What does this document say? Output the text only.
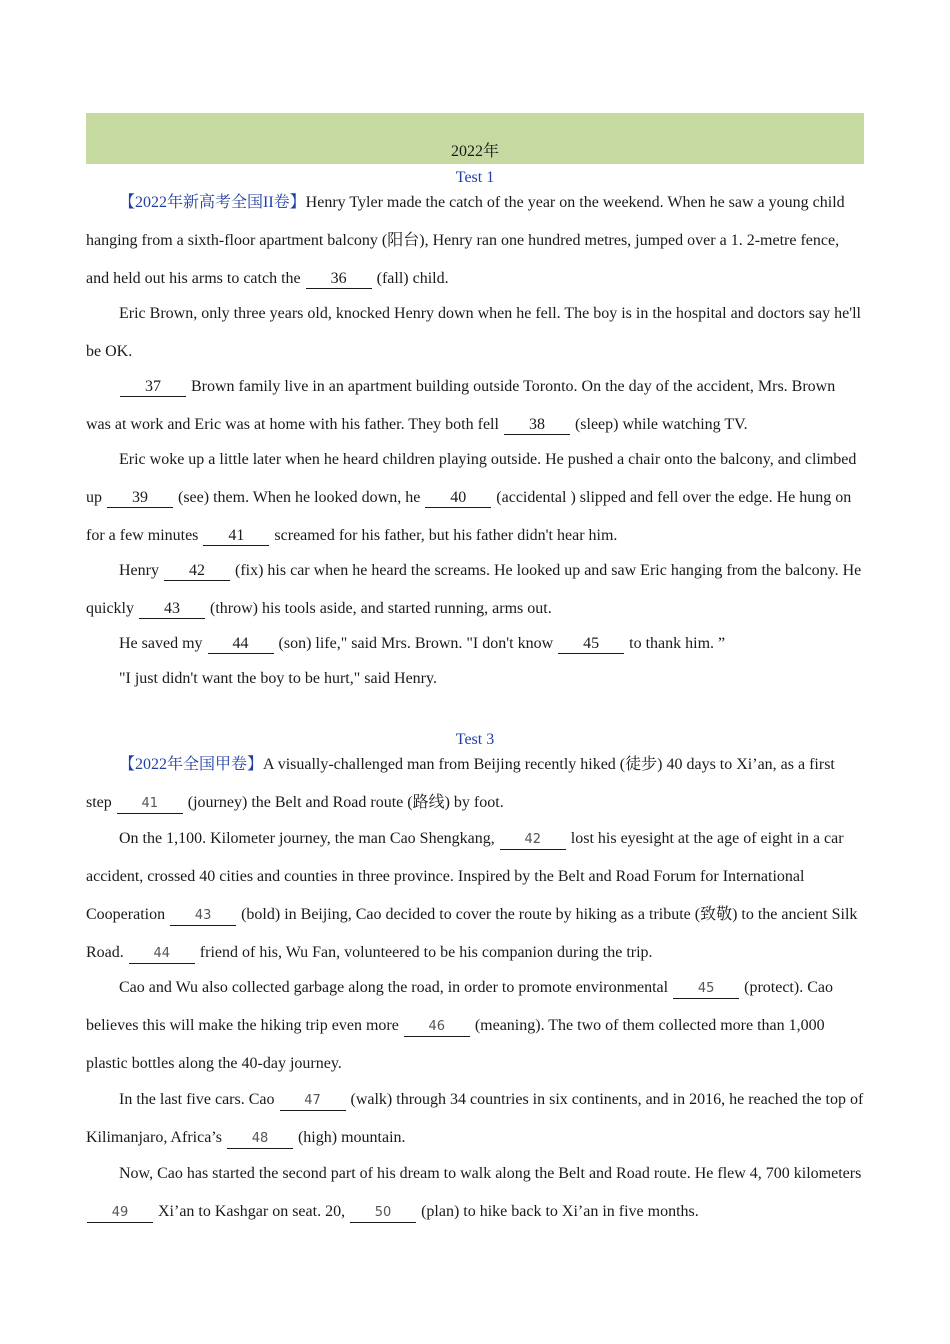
2022年
Test 1

【2022年新高考全国II卷】Henry Tyler made the catch of the year on the weekend. When he saw a young child hanging from a sixth-floor apartment balcony (阳台), Henry ran one hundred metres, jumped over a 1. 2-metre fence, and held out his arms to catch the 36 (fall) child.

Eric Brown, only three years old, knocked Henry down when he fell. The boy is in the hospital and doctors say he'll be OK.

37 Brown family live in an apartment building outside Toronto. On the day of the accident, Mrs. Brown was at work and Eric was at home with his father. They both fell 38 (sleep) while watching TV.

Eric woke up a little later when he heard children playing outside. He pushed a chair onto the balcony, and climbed up 39 (see) them. When he looked down, he 40 (accidental ) slipped and fell over the edge. He hung on for a few minutes 41 screamed for his father, but his father didn't hear him.

Henry 42 (fix) his car when he heard the screams. He looked up and saw Eric hanging from the balcony. He quickly 43 (throw) his tools aside, and started running, arms out.

He saved my 44 (son) life," said Mrs. Brown. "I don't know 45 to thank him. ”

"I just didn't want the boy to be hurt," said Henry.

Test 3

【2022年全国甲卷】A visually-challenged man from Beijing recently hiked (徒步) 40 days to Xi’an, as a first step 41 (journey) the Belt and Road route (路线) by foot.

On the 1,100. Kilometer journey, the man Cao Shengkang, 42 lost his eyesight at the age of eight in a car accident, crossed 40 cities and counties in three province. Inspired by the Belt and Road Forum for International Cooperation 43 (bold) in Beijing, Cao decided to cover the route by hiking as a tribute (致敬) to the ancient Silk Road. 44 friend of his, Wu Fan, volunteered to be his companion during the trip.

Cao and Wu also collected garbage along the road, in order to promote environmental 45 (protect). Cao believes this will make the hiking trip even more 46 (meaning). The two of them collected more than 1,000 plastic bottles along the 40-day journey.

In the last five cars. Cao 47 (walk) through 34 countries in six continents, and in 2016, he reached the top of Kilimanjaro, Africa’s 48 (high) mountain.

Now, Cao has started the second part of his dream to walk along the Belt and Road route. He flew 4, 700 kilometers 49 Xi’an to Kashgar on seat. 20, 50 (plan) to hike back to Xi’an in five months.
